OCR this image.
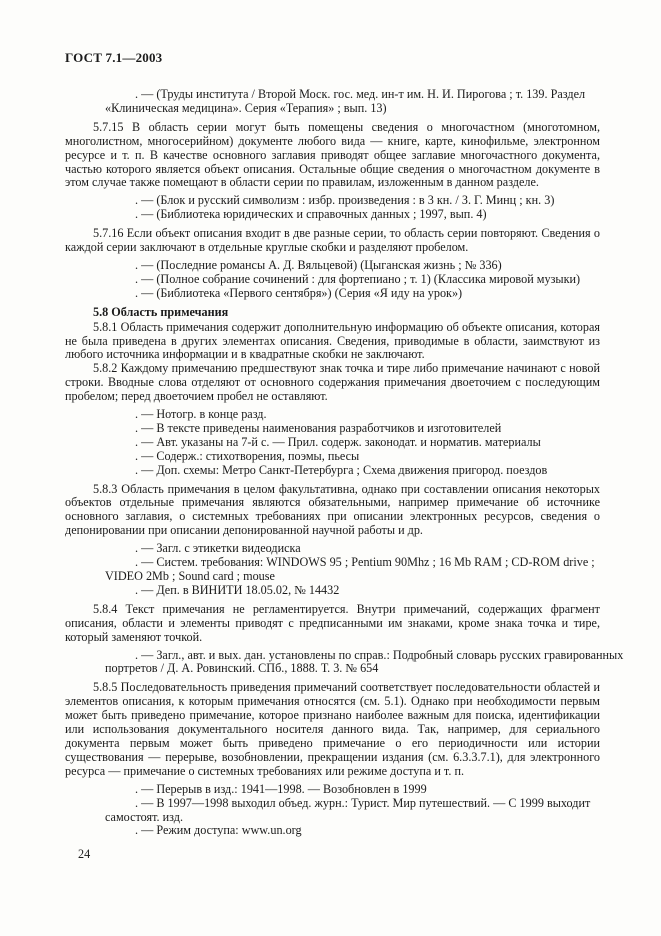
ГОСТ 7.1—2003

. — (Труды института / Второй Моск. гос. мед. ин-т им. Н. И. Пирогова ; т. 139. Раздел «Клиническая медицина». Серия «Терапия» ; вып. 13)

5.7.15 В область серии могут быть помещены сведения о многочастном (многотомном, многолистном, многосерийном) документе любого вида — книге, карте, кинофильме, электронном ресурсе и т. п. В качестве основного заглавия приводят общее заглавие многочастного документа, частью которого является объект описания. Остальные общие сведения о многочастном документе в этом случае также помещают в области серии по правилам, изложенным в данном разделе.

. — (Блок и русский символизм : избр. произведения : в 3 кн. / З. Г. Минц ; кн. 3)
. — (Библиотека юридических и справочных данных ; 1997, вып. 4)

5.7.16 Если объект описания входит в две разные серии, то область серии повторяют. Сведения о каждой серии заключают в отдельные круглые скобки и разделяют пробелом.

. — (Последние романсы А. Д. Вяльцевой) (Цыганская жизнь ; № 336)
. — (Полное собрание сочинений : для фортепиано ; т. 1) (Классика мировой музыки)
. — (Библиотека «Первого сентября») (Серия «Я иду на урок»)

5.8 Область примечания

5.8.1 Область примечания содержит дополнительную информацию об объекте описания, которая не была приведена в других элементах описания. Сведения, приводимые в области, заимствуют из любого источника информации и в квадратные скобки не заключают.

5.8.2 Каждому примечанию предшествуют знак точка и тире либо примечание начинают с новой строки. Вводные слова отделяют от основного содержания примечания двоеточием с последующим пробелом; перед двоеточием пробел не оставляют.

. — Нотогр. в конце разд.
. — В тексте приведены наименования разработчиков и изготовителей
. — Авт. указаны на 7-й с. — Прил. содерж. законодат. и норматив. материалы
. — Содерж.: стихотворения, поэмы, пьесы
. — Доп. схемы: Метро Санкт-Петербурга ; Схема движения пригород. поездов

5.8.3 Область примечания в целом факультативна, однако при составлении описания некоторых объектов отдельные примечания являются обязательными, например примечание об источнике основного заглавия, о системных требованиях при описании электронных ресурсов, сведения о депонировании при описании депонированной научной работы и др.

. — Загл. с этикетки видеодиска
. — Систем. требования: WINDOWS 95 ; Pentium 90Mhz ; 16 Mb RAM ; CD-ROM drive ; VIDEO 2Mb ; Sound card ; mouse
. — Деп. в ВИНИТИ 18.05.02, № 14432

5.8.4 Текст примечания не регламентируется. Внутри примечаний, содержащих фрагмент описания, области и элементы приводят с предписанными им знаками, кроме знака точка и тире, который заменяют точкой.

. — Загл., авт. и вых. дан. установлены по справ.: Подробный словарь русских гравированных портретов / Д. А. Ровинский. СПб., 1888. Т. 3. № 654

5.8.5 Последовательность приведения примечаний соответствует последовательности областей и элементов описания, к которым примечания относятся (см. 5.1). Однако при необходимости первым может быть приведено примечание, которое признано наиболее важным для поиска, идентификации или использования документального носителя данного вида. Так, например, для сериального документа первым может быть приведено примечание о его периодичности или истории существования — перерыве, возобновлении, прекращении издания (см. 6.3.3.7.1), для электронного ресурса — примечание о системных требованиях или режиме доступа и т. п.

. — Перерыв в изд.: 1941—1998. — Возобновлен в 1999
. — В 1997—1998 выходил объед. журн.: Турист. Мир путешествий. — С 1999 выходит самостоят. изд.
. — Режим доступа: www.un.org
24
